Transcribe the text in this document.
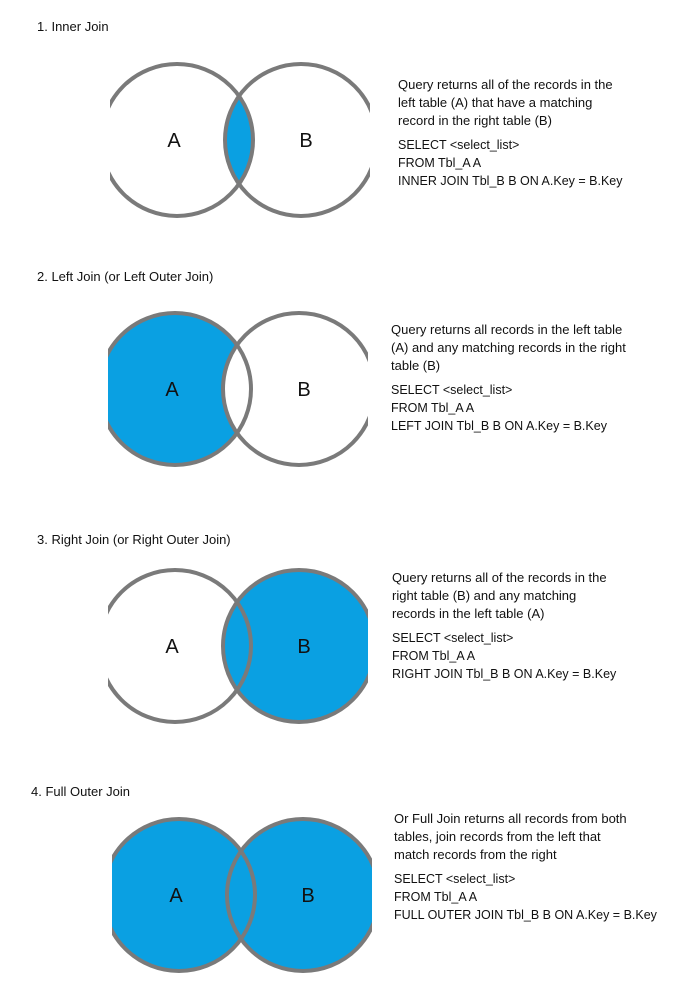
1. Inner Join
A	B
Query returns all of the records in the
left table (A) that have a matching
record in the right table (B)
SELECT <select_list>
FROM Tbl_A A
INNER JOIN Tbl_B B ON A.Key = B.Key
2. Left Join (or Left Outer Join)
A	B
Query returns all records in the left table
(A) and any matching records in the right
table (B)
SELECT <select_list>
FROM Tbl_A A
LEFT JOIN Tbl_B B ON A.Key = B.Key
3. Right Join (or Right Outer Join)
A	B
Query returns all of the records in the
right table (B) and any matching
records in the left table (A)
SELECT <select_list>
FROM Tbl_A A
RIGHT JOIN Tbl_B B ON A.Key = B.Key
4. Full Outer Join
A	B
Or Full Join returns all records from both
tables, join records from the left that
match records from the right
SELECT <select_list>
FROM Tbl_A A
FULL OUTER JOIN Tbl_B B ON A.Key = B.Key
